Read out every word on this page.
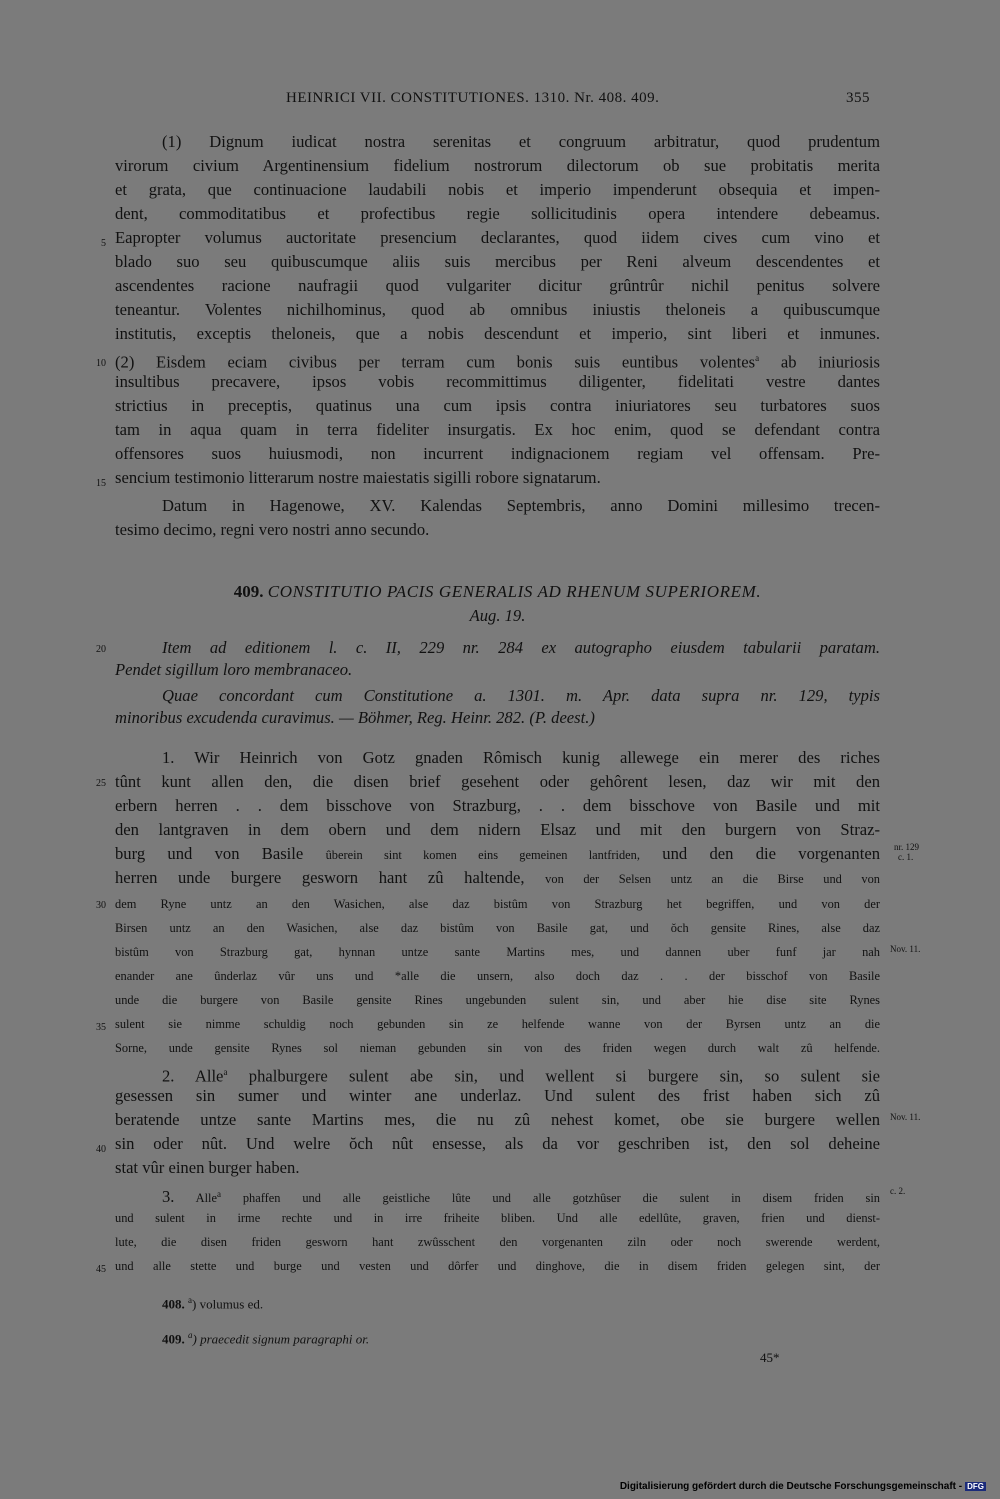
HEINRICI VII. CONSTITUTIONES. 1310. Nr. 408. 409.	355
(1) Dignum iudicat nostra serenitas et congruum arbitratur, quod prudentum
virorum civium Argentinensium fidelium nostrorum dilectorum ob sue probitatis merita
et grata, que continuacione laudabili nobis et imperio impenderunt obsequia et impen-
dent, commoditatibus et profectibus regie sollicitudinis opera intendere debeamus.
Eapropter volumus auctoritate presencium declarantes, quod iidem cives cum vino et
blado suo seu quibuscumque aliis suis mercibus per Reni alveum descendentes et
ascendentes racione naufragii quod vulgariter dicitur grûntrûr nichil penitus solvere
teneantur. Volentes nichilhominus, quod ab omnibus iniustis theloneis a quibuscumque
institutis, exceptis theloneis, que a nobis descendunt et imperio, sint liberi et inmunes.
(2) Eisdem eciam civibus per terram cum bonis suis euntibus volentes$^a$ ab iniuriosis
insultibus precavere, ipsos vobis recommittimus diligenter, fidelitati vestre dantes
strictius in preceptis, quatinus una cum ipsis contra iniuriatores seu turbatores suos
tam in aqua quam in terra fideliter insurgatis. Ex hoc enim, quod se defendant contra
offensores suos huiusmodi, non incurrent indignacionem regiam vel offensam. Pre-
sencium testimonio litterarum nostre maiestatis sigilli robore signatarum.
Datum in Hagenowe, XV. Kalendas Septembris, anno Domini millesimo trecen-
tesimo decimo, regni vero nostri anno secundo.
5
10
15
20
25
30
35
40
45
409. CONSTITUTIO PACIS GENERALIS AD RHENUM SUPERIOREM.
Aug. 19.
Item ad editionem l. c. II, 229 nr. 284 ex autographo eiusdem tabularii paratam.
Pendet sigillum loro membranaceo.
Quae concordant cum Constitutione a. 1301. m. Apr. data supra nr. 129, typis
minoribus excudenda curavimus. — Böhmer, Reg. Heinr. 282. (P. deest.)
1. Wir Heinrich von Gotz gnaden Rômisch kunig allewege ein merer des riches
tûnt kunt allen den, die disen brief gesehent oder gehôrent lesen, daz wir mit den
erbern herren . . dem bisschove von Strazburg, . . dem bisschove von Basile und mit
den lantgraven in dem obern und dem nidern Elsaz und mit den burgern von Straz-
burg und von Basile ûberein sint komen eins gemeinen lantfriden, und den die vorgenanten
herren unde burgere gesworn hant zû haltende, von der Selsen untz an die Birse und von
dem Ryne untz an den Wasichen, alse daz bistûm von Strazburg het begriffen, und von der
Birsen untz an den Wasichen, alse daz bistûm von Basile gat, und ŏch gensite Rines, alse daz
bistûm von Strazburg gat, hynnan untze sante Martins mes, und dannen uber funf jar nah
enander ane ûnderlaz vûr uns und *alle die unsern, also doch daz . . der bisschof von Basile
unde die burgere von Basile gensite Rines ungebunden sulent sin, und aber hie dise site Rynes
sulent sie nimme schuldig noch gebunden sin ze helfende wanne von der Byrsen untz an die
Sorne, unde gensite Rynes sol nieman gebunden sin von des friden wegen durch walt zû helfende.
2. Alle$^a$ phalburgere sulent abe sin, und wellent si burgere sin, so sulent sie
gesessen sin sumer und winter ane underlaz. Und sulent des frist haben sich zû
beratende untze sante Martins mes, die nu zû nehest komet, obe sie burgere wellen
sin oder nût. Und welre ŏch nût ensesse, als da vor geschriben ist, den sol deheine
stat vûr einen burger haben.
3. Alle$^a$ phaffen und alle geistliche lûte und alle gotzhûser die sulent in disem friden sin
und sulent in irme rechte und in irre friheite bliben. Und alle edellûte, graven, frien und dienst-
lute, die disen friden gesworn hant zwûsschent den vorgenanten ziln oder noch swerende werdent,
und alle stette und burge und vesten und dôrfer und dinghove, die in disem friden gelegen sint, der
nr. 129
c. 1.
Nov. 11.
Nov. 11.
c. 2.
408. $^a$) volumus ed.
409. $^a$) praecedit signum paragraphi or.
45*
Digitalisierung gefördert durch die Deutsche Forschungsgemeinschaft - DFG
